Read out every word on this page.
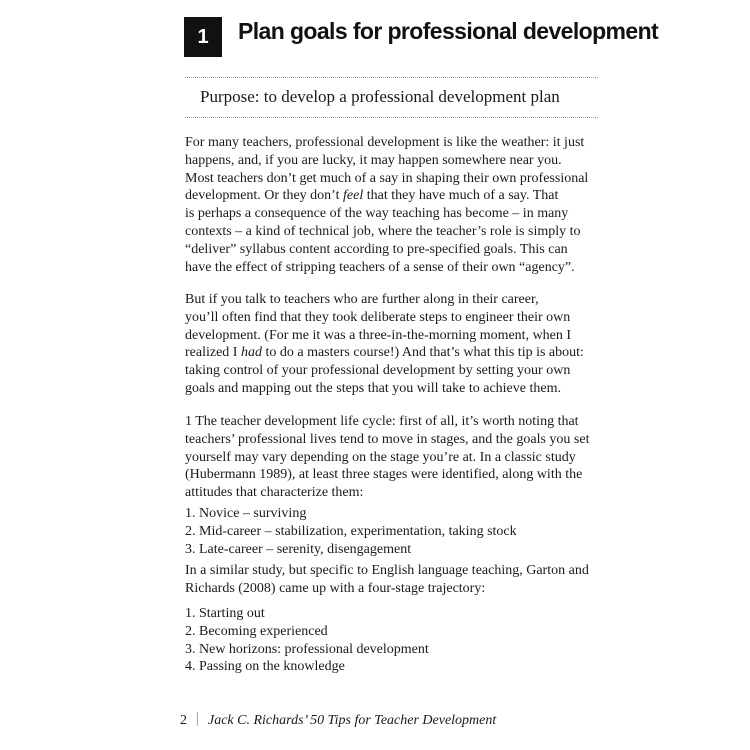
1 Plan goals for professional development
Purpose: to develop a professional development plan
For many teachers, professional development is like the weather: it just
happens, and, if you are lucky, it may happen somewhere near you.
Most teachers don’t get much of a say in shaping their own professional
development. Or they don’t feel that they have much of a say. That
is perhaps a consequence of the way teaching has become – in many
contexts – a kind of technical job, where the teacher’s role is simply to
“deliver” syllabus content according to pre-specified goals. This can
have the effect of stripping teachers of a sense of their own “agency”.
But if you talk to teachers who are further along in their career,
you’ll often find that they took deliberate steps to engineer their own
development. (For me it was a three-in-the-morning moment, when I
realized I had to do a masters course!) And that’s what this tip is about:
taking control of your professional development by setting your own
goals and mapping out the steps that you will take to achieve them.
1 The teacher development life cycle: first of all, it’s worth noting that
teachers’ professional lives tend to move in stages, and the goals you set
yourself may vary depending on the stage you’re at. In a classic study
(Hubermann 1989), at least three stages were identified, along with the
attitudes that characterize them:
1. Novice – surviving
2. Mid-career – stabilization, experimentation, taking stock
3. Late-career – serenity, disengagement
In a similar study, but specific to English language teaching, Garton and
Richards (2008) came up with a four-stage trajectory:
1. Starting out
2. Becoming experienced
3. New horizons: professional development
4. Passing on the knowledge
2 Jack C. Richards’ 50 Tips for Teacher Development
